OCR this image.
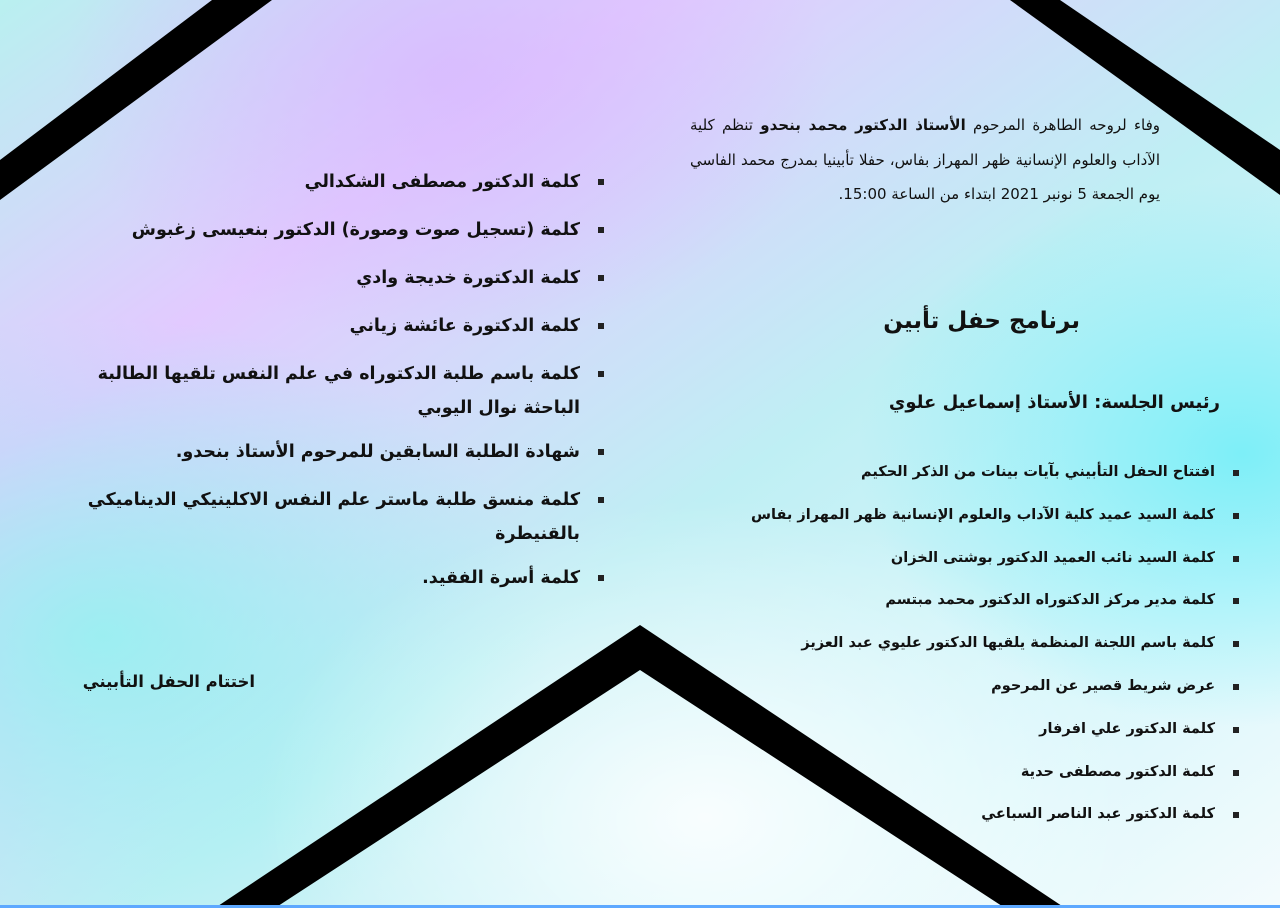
وفاء لروحه الطاهرة المرحوم الأستاذ الدكتور محمد بنحدو تنظم كلية الآداب والعلوم الإنسانية ظهر المهراز بفاس، حفلا تأبينيا بمدرج محمد الفاسي يوم الجمعة 5 نونبر 2021 ابتداء من الساعة 15:00.
برنامج حفل تأبين
رئيس الجلسة: الأستاذ إسماعيل علوي
افتتاح الحفل التأبيني بآيات بينات من الذكر الحكيم
كلمة السيد عميد كلية الآداب والعلوم الإنسانية ظهر المهراز بفاس
كلمة السيد نائب العميد الدكتور بوشتى الخزان
كلمة مدير مركز الدكتوراه الدكتور محمد مبتسم
كلمة باسم اللجنة المنظمة يلقيها الدكتور عليوي عبد العزيز
عرض شريط قصير عن المرحوم
كلمة الدكتور علي افرفار
كلمة الدكتور مصطفى حدية
كلمة الدكتور عبد الناصر السباعي
كلمة الدكتور مصطفى الشكدالي
كلمة (تسجيل صوت وصورة) الدكتور بنعيسى زغبوش
كلمة الدكتورة خديجة وادي
كلمة الدكتورة عائشة زياني
كلمة باسم طلبة الدكتوراه في علم النفس تلقيها الطالبة الباحثة نوال اليوبي
شهادة الطلبة السابقين للمرحوم الأستاذ بنحدو.
كلمة منسق طلبة ماستر علم النفس الاكلينيكي الديناميكي بالقنيطرة
كلمة أسرة الفقيد.
اختتام الحفل التأبيني
